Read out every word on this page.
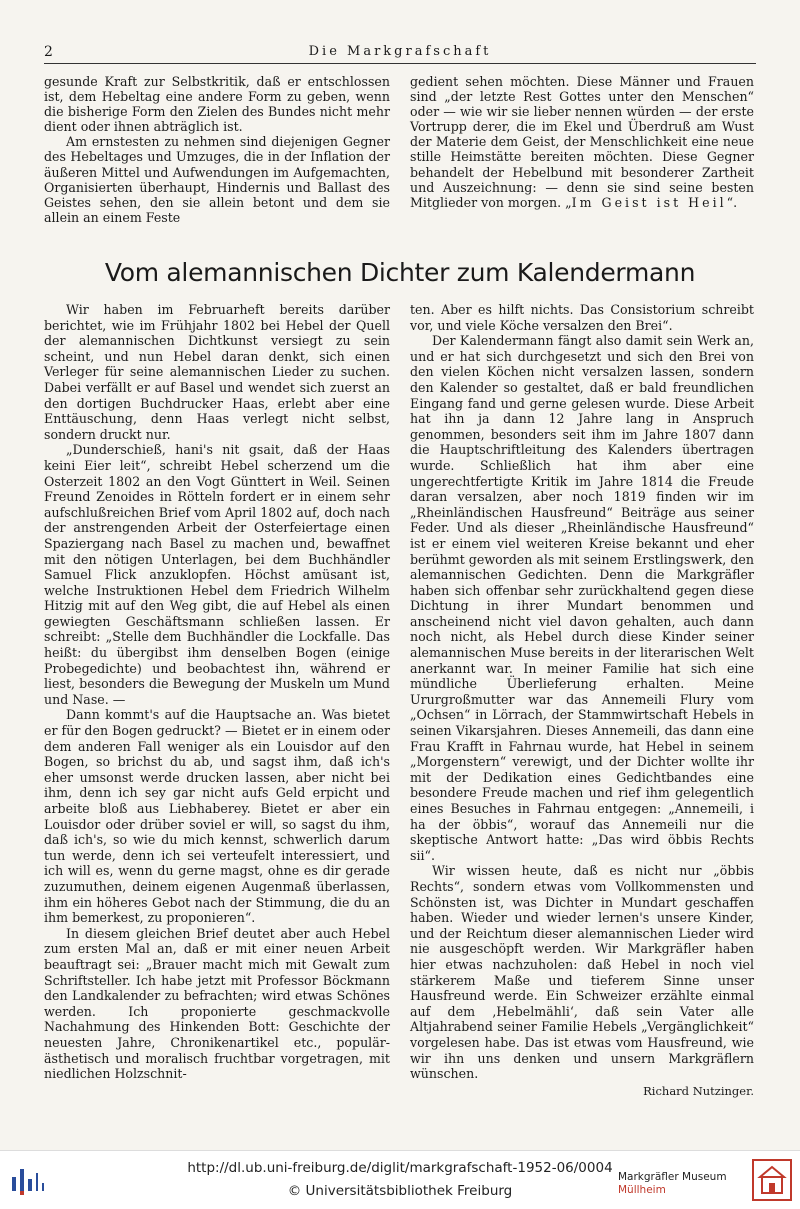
2	Die Markgrafschaft

gesunde Kraft zur Selbstkritik, daß er entschlossen ist, dem Hebeltag eine andere Form zu geben, wenn die bisherige Form den Zielen des Bundes nicht mehr dient oder ihnen abträglich ist.

Am ernstesten zu nehmen sind diejenigen Gegner des Hebeltages und Umzuges, die in der Inflation der äußeren Mittel und Aufwendungen im Aufgemachten, Organisierten überhaupt, Hindernis und Ballast des Geistes sehen, den sie allein betont und dem sie allein an einem Feste

gedient sehen möchten. Diese Männer und Frauen sind „der letzte Rest Gottes unter den Menschen“ oder — wie wir sie lieber nennen würden — der erste Vortrupp derer, die im Ekel und Überdruß am Wust der Materie dem Geist, der Menschlichkeit eine neue stille Heimstätte bereiten möchten. Diese Gegner behandelt der Hebelbund mit besonderer Zartheit und Auszeichnung: — denn sie sind seine besten Mitglieder von morgen. „Im Geist ist Heil“.

Vom alemannischen Dichter zum Kalendermann

Wir haben im Februarheft bereits darüber berichtet, wie im Frühjahr 1802 bei Hebel der Quell der alemannischen Dichtkunst versiegt zu sein scheint, und nun Hebel daran denkt, sich einen Verleger für seine alemannischen Lieder zu suchen. Dabei verfällt er auf Basel und wendet sich zuerst an den dortigen Buchdrucker Haas, erlebt aber eine Enttäuschung, denn Haas verlegt nicht selbst, sondern druckt nur.

„Dunderschieß, hani's nit gsait, daß der Haas keini Eier leit“, schreibt Hebel scherzend um die Osterzeit 1802 an den Vogt Günttert in Weil. Seinen Freund Zenoides in Rötteln fordert er in einem sehr aufschlußreichen Brief vom April 1802 auf, doch nach der anstrengenden Arbeit der Osterfeiertage einen Spaziergang nach Basel zu machen und, bewaffnet mit den nötigen Unterlagen, bei dem Buchhändler Samuel Flick anzuklopfen. Höchst amüsant ist, welche Instruktionen Hebel dem Friedrich Wilhelm Hitzig mit auf den Weg gibt, die auf Hebel als einen gewiegten Geschäftsmann schließen lassen. Er schreibt: „Stelle dem Buchhändler die Lockfalle. Das heißt: du übergibst ihm denselben Bogen (einige Probegedichte) und beobachtest ihn, während er liest, besonders die Bewegung der Muskeln um Mund und Nase. —

Dann kommt's auf die Hauptsache an. Was bietet er für den Bogen gedruckt? — Bietet er in einem oder dem anderen Fall weniger als ein Louisdor auf den Bogen, so brichst du ab, und sagst ihm, daß ich's eher umsonst werde drucken lassen, aber nicht bei ihm, denn ich sey gar nicht aufs Geld erpicht und arbeite bloß aus Liebhaberey. Bietet er aber ein Louisdor oder drüber soviel er will, so sagst du ihm, daß ich's, so wie du mich kennst, schwerlich darum tun werde, denn ich sei verteufelt interessiert, und ich will es, wenn du gerne magst, ohne es dir gerade zuzumuthen, deinem eigenen Augenmaß überlassen, ihm ein höheres Gebot nach der Stimmung, die du an ihm bemerkest, zu proponieren“.

In diesem gleichen Brief deutet aber auch Hebel zum ersten Mal an, daß er mit einer neuen Arbeit beauftragt sei: „Brauer macht mich mit Gewalt zum Schriftsteller. Ich habe jetzt mit Professor Böckmann den Landkalender zu befrachten; wird etwas Schönes werden. Ich proponierte geschmackvolle Nachahmung des Hinkenden Bott: Geschichte der neuesten Jahre, Chronikenartikel etc., populär-ästhetisch und moralisch fruchtbar vorgetragen, mit niedlichen Holzschnit-

ten. Aber es hilft nichts. Das Consistorium schreibt vor, und viele Köche versalzen den Brei“.

Der Kalendermann fängt also damit sein Werk an, und er hat sich durchgesetzt und sich den Brei von den vielen Köchen nicht versalzen lassen, sondern den Kalender so gestaltet, daß er bald freundlichen Eingang fand und gerne gelesen wurde. Diese Arbeit hat ihn ja dann 12 Jahre lang in Anspruch genommen, besonders seit ihm im Jahre 1807 dann die Hauptschriftleitung des Kalenders übertragen wurde. Schließlich hat ihm aber eine ungerechtfertigte Kritik im Jahre 1814 die Freude daran versalzen, aber noch 1819 finden wir im „Rheinländischen Hausfreund“ Beiträge aus seiner Feder. Und als dieser „Rheinländische Hausfreund“ ist er einem viel weiteren Kreise bekannt und eher berühmt geworden als mit seinem Erstlingswerk, den alemannischen Gedichten. Denn die Markgräfler haben sich offenbar sehr zurückhaltend gegen diese Dichtung in ihrer Mundart benommen und anscheinend nicht viel davon gehalten, auch dann noch nicht, als Hebel durch diese Kinder seiner alemannischen Muse bereits in der literarischen Welt anerkannt war. In meiner Familie hat sich eine mündliche Überlieferung erhalten. Meine Ururgroßmutter war das Annemeili Flury vom „Ochsen“ in Lörrach, der Stammwirtschaft Hebels in seinen Vikarsjahren. Dieses Annemeili, das dann eine Frau Krafft in Fahrnau wurde, hat Hebel in seinem „Morgenstern“ verewigt, und der Dichter wollte ihr mit der Dedikation eines Gedichtbandes eine besondere Freude machen und rief ihm gelegentlich eines Besuches in Fahrnau entgegen: „Annemeili, i ha der öbbis“, worauf das Annemeili nur die skeptische Antwort hatte: „Das wird öbbis Rechts sii“.

Wir wissen heute, daß es nicht nur „öbbis Rechts“, sondern etwas vom Vollkommensten und Schönsten ist, was Dichter in Mundart geschaffen haben. Wieder und wieder lernen's unsere Kinder, und der Reichtum dieser alemannischen Lieder wird nie ausgeschöpft werden. Wir Markgräfler haben hier etwas nachzuholen: daß Hebel in noch viel stärkerem Maße und tieferem Sinne unser Hausfreund werde. Ein Schweizer erzählte einmal auf dem ‚Hebelmähli‘, daß sein Vater alle Altjahrabend seiner Familie Hebels „Vergänglichkeit“ vorgelesen habe. Das ist etwas vom Hausfreund, wie wir ihn uns denken und unsern Markgräflern wünschen.

Richard Nutzinger.

http://dl.ub.uni-freiburg.de/diglit/markgrafschaft-1952-06/0004
© Universitätsbibliothek Freiburg
Markgräfler Museum
Müllheim
